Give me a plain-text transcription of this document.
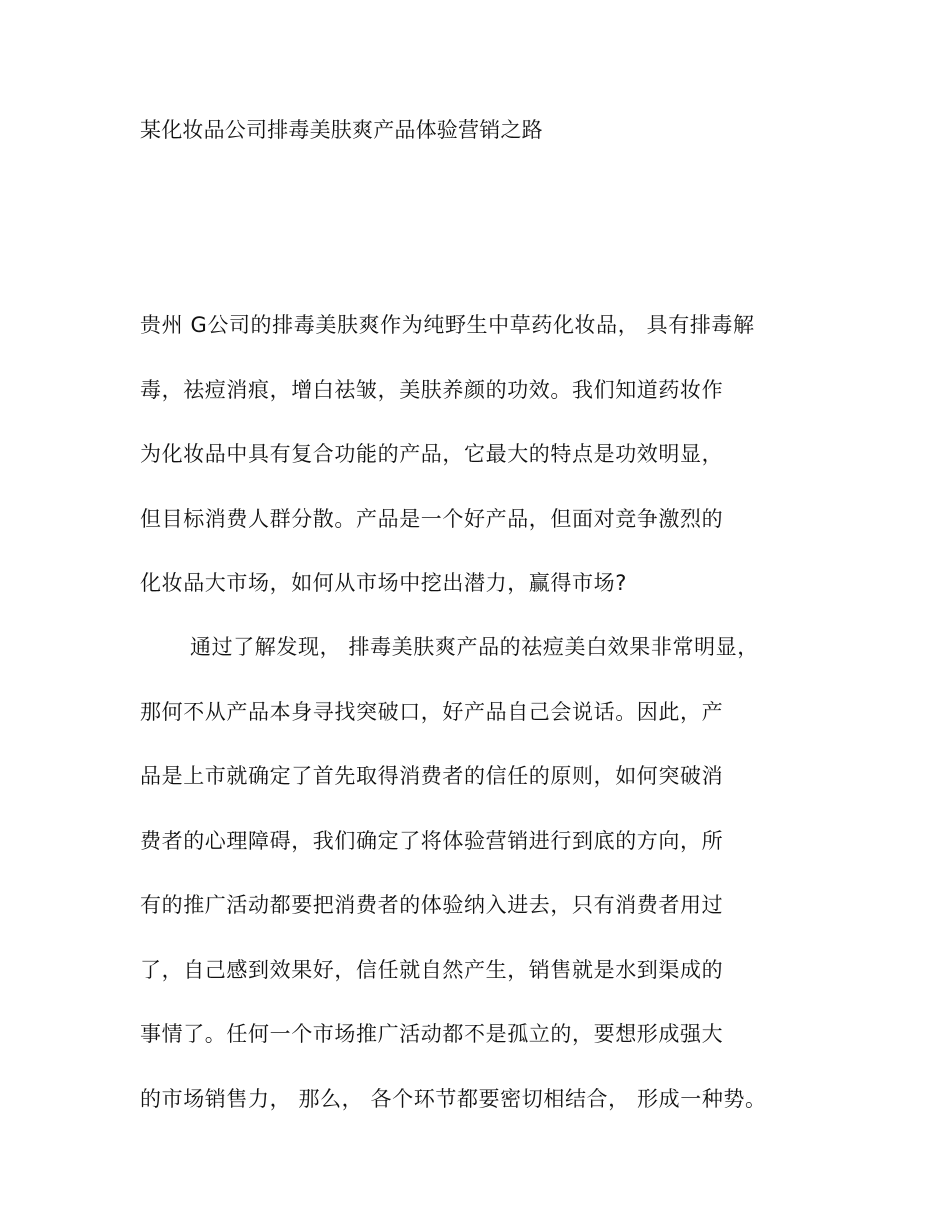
某化妆品公司排毒美肤爽产品体验营销之路
贵州 G公司的排毒美肤爽作为纯野生中草药化妆品， 具有排毒解
毒，祛痘消痕，增白祛皱，美肤养颜的功效。我们知道药妆作
为化妆品中具有复合功能的产品，它最大的特点是功效明显，
但目标消费人群分散。产品是一个好产品，但面对竞争激烈的
化妆品大市场，如何从市场中挖出潜力，赢得市场?
通过了解发现， 排毒美肤爽产品的祛痘美白效果非常明显，
那何不从产品本身寻找突破口，好产品自己会说话。因此，产
品是上市就确定了首先取得消费者的信任的原则，如何突破消
费者的心理障碍，我们确定了将体验营销进行到底的方向，所
有的推广活动都要把消费者的体验纳入进去，只有消费者用过
了，自己感到效果好，信任就自然产生，销售就是水到渠成的
事情了。任何一个市场推广活动都不是孤立的，要想形成强大
的市场销售力， 那么， 各个环节都要密切相结合， 形成一种势。
